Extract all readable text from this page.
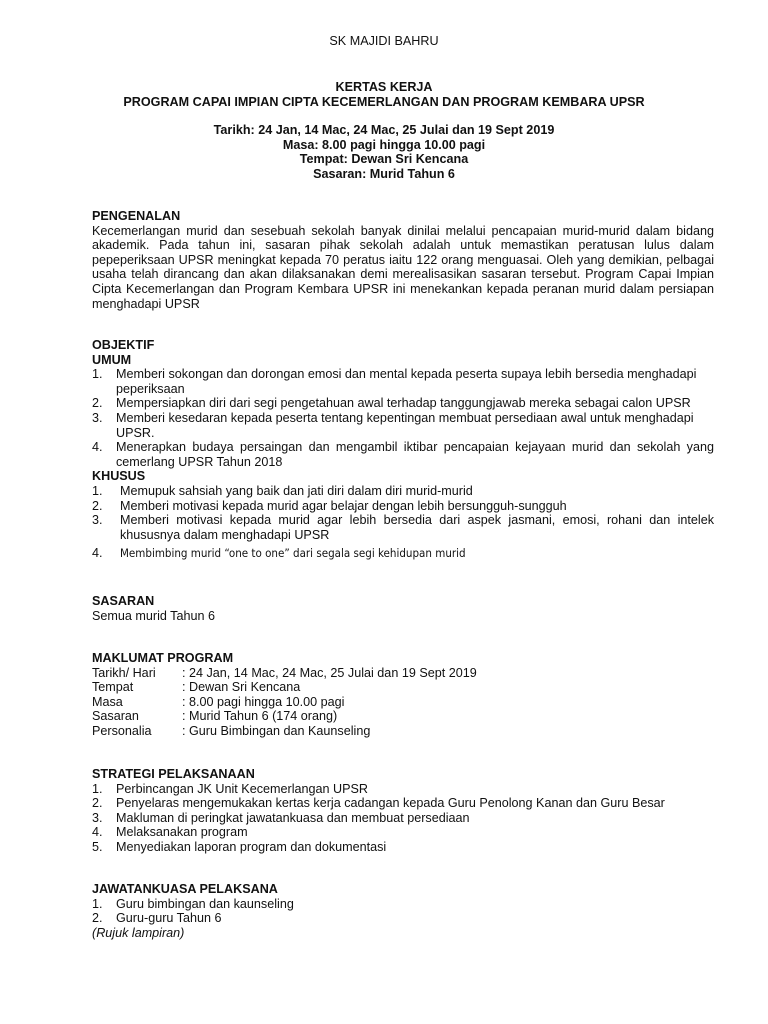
SK MAJIDI BAHRU
KERTAS KERJA
PROGRAM CAPAI IMPIAN CIPTA KECEMERLANGAN DAN PROGRAM KEMBARA UPSR
Tarikh: 24 Jan, 14 Mac, 24 Mac, 25 Julai dan 19 Sept 2019
Masa: 8.00 pagi hingga 10.00 pagi
Tempat: Dewan Sri Kencana
Sasaran: Murid Tahun 6
PENGENALAN
Kecemerlangan murid dan sesebuah sekolah banyak dinilai melalui pencapaian murid-murid dalam bidang akademik. Pada tahun ini, sasaran pihak sekolah adalah untuk memastikan peratusan lulus dalam pepeperiksaan UPSR meningkat kepada 70 peratus iaitu 122 orang menguasai. Oleh yang demikian, pelbagai usaha telah dirancang dan akan dilaksanakan demi merealisasikan sasaran tersebut. Program Capai Impian Cipta Kecemerlangan dan Program Kembara UPSR ini menekankan kepada peranan murid dalam persiapan menghadapi UPSR
OBJEKTIF
UMUM
1.	Memberi sokongan dan dorongan emosi dan mental kepada peserta supaya lebih bersedia menghadapi peperiksaan
2.	Mempersiapkan diri dari segi pengetahuan awal terhadap tanggungjawab mereka sebagai calon UPSR
3.	Memberi kesedaran kepada peserta tentang kepentingan membuat persediaan awal untuk menghadapi UPSR.
4.	Menerapkan budaya persaingan dan mengambil iktibar pencapaian kejayaan murid dan sekolah yang cemerlang UPSR Tahun 2018
KHUSUS
1.	Memupuk sahsiah yang baik dan jati diri dalam diri murid-murid
2.	Memberi motivasi kepada murid agar belajar dengan lebih bersungguh-sungguh
3.	Memberi motivasi kepada murid agar lebih bersedia dari aspek jasmani, emosi, rohani dan intelek khususnya dalam menghadapi UPSR
4.	Membimbing murid “one to one” dari segala segi kehidupan murid
SASARAN
Semua murid Tahun 6
MAKLUMAT PROGRAM
Tarikh/ Hari	: 24 Jan, 14 Mac, 24 Mac, 25 Julai dan 19 Sept 2019
Tempat	: Dewan Sri Kencana
Masa	: 8.00 pagi hingga 10.00 pagi
Sasaran	: Murid Tahun 6 (174 orang)
Personalia	: Guru Bimbingan dan Kaunseling
STRATEGI PELAKSANAAN
1.	Perbincangan JK Unit Kecemerlangan UPSR
2.	Penyelaras mengemukakan kertas kerja cadangan kepada Guru Penolong Kanan dan Guru Besar
3.	Makluman di peringkat jawatankuasa dan membuat persediaan
4.	Melaksanakan program
5.	Menyediakan laporan program dan dokumentasi
JAWATANKUASA PELAKSANA
1.	Guru bimbingan dan kaunseling
2.	Guru-guru Tahun 6
(Rujuk lampiran)
